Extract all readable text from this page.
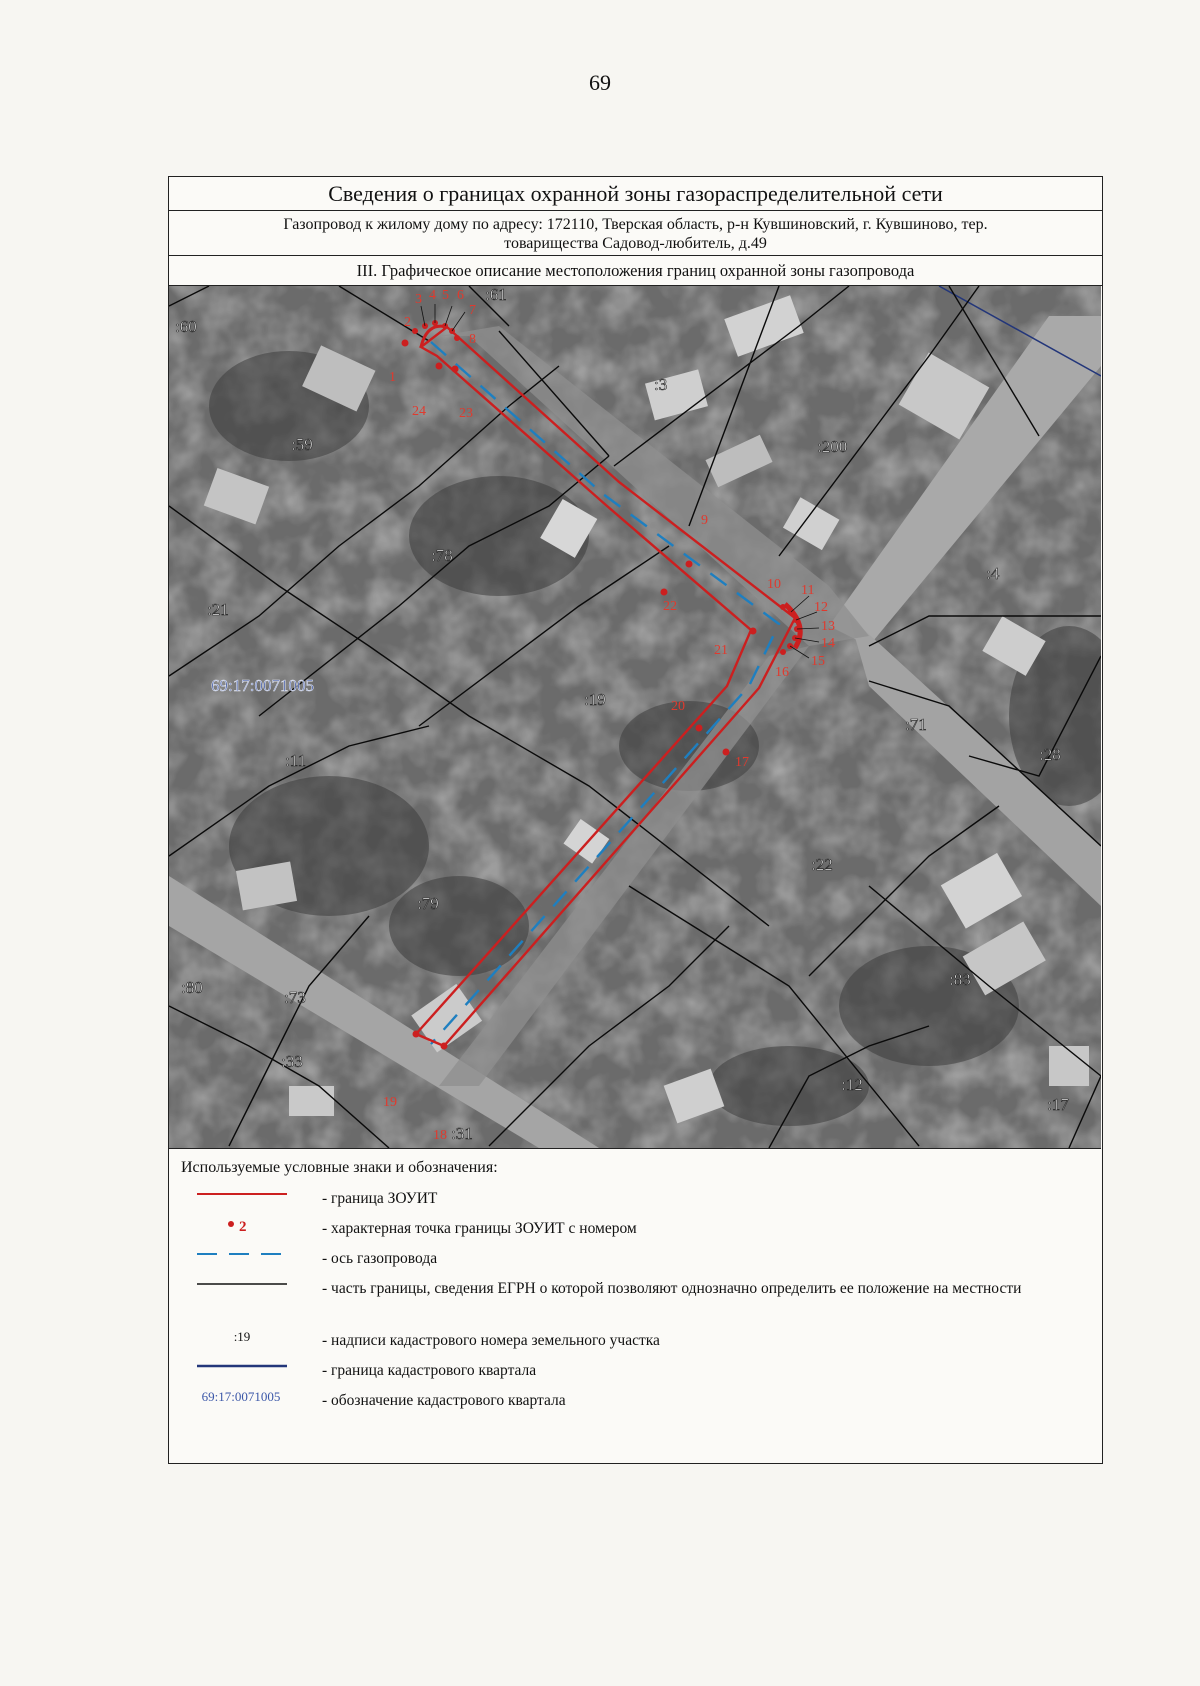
69
Сведения о границах охранной зоны газораспределительной сети
Газопровод к жилому дому по адресу: 172110, Тверская область, р-н Кувшиновский, г. Кувшиново, тер.
товарищества Садовод-любитель, д.49
III. Графическое описание местоположения границ охранной зоны газопровода
1
2
3 4 5 6
7
8
9
10 11
12
13
14
15
16
17
18
19
20
21
22
23
24
:60
:61
:3
:200
:59
:78
:4
:21
:19
:71
:28
:11
:22
:79
:83
:80
:73
:33
:12
:17
:31
69:17:0071005
Используемые условные знаки и обозначения:
- граница ЗОУИТ
2	- характерная точка границы ЗОУИТ с номером
- ось газопровода
- часть границы, сведения ЕГРН о которой позволяют однозначно определить ее положение на местности
:19	- надписи кадастрового номера земельного участка
- граница кадастрового квартала
69:17:0071005	- обозначение кадастрового квартала
